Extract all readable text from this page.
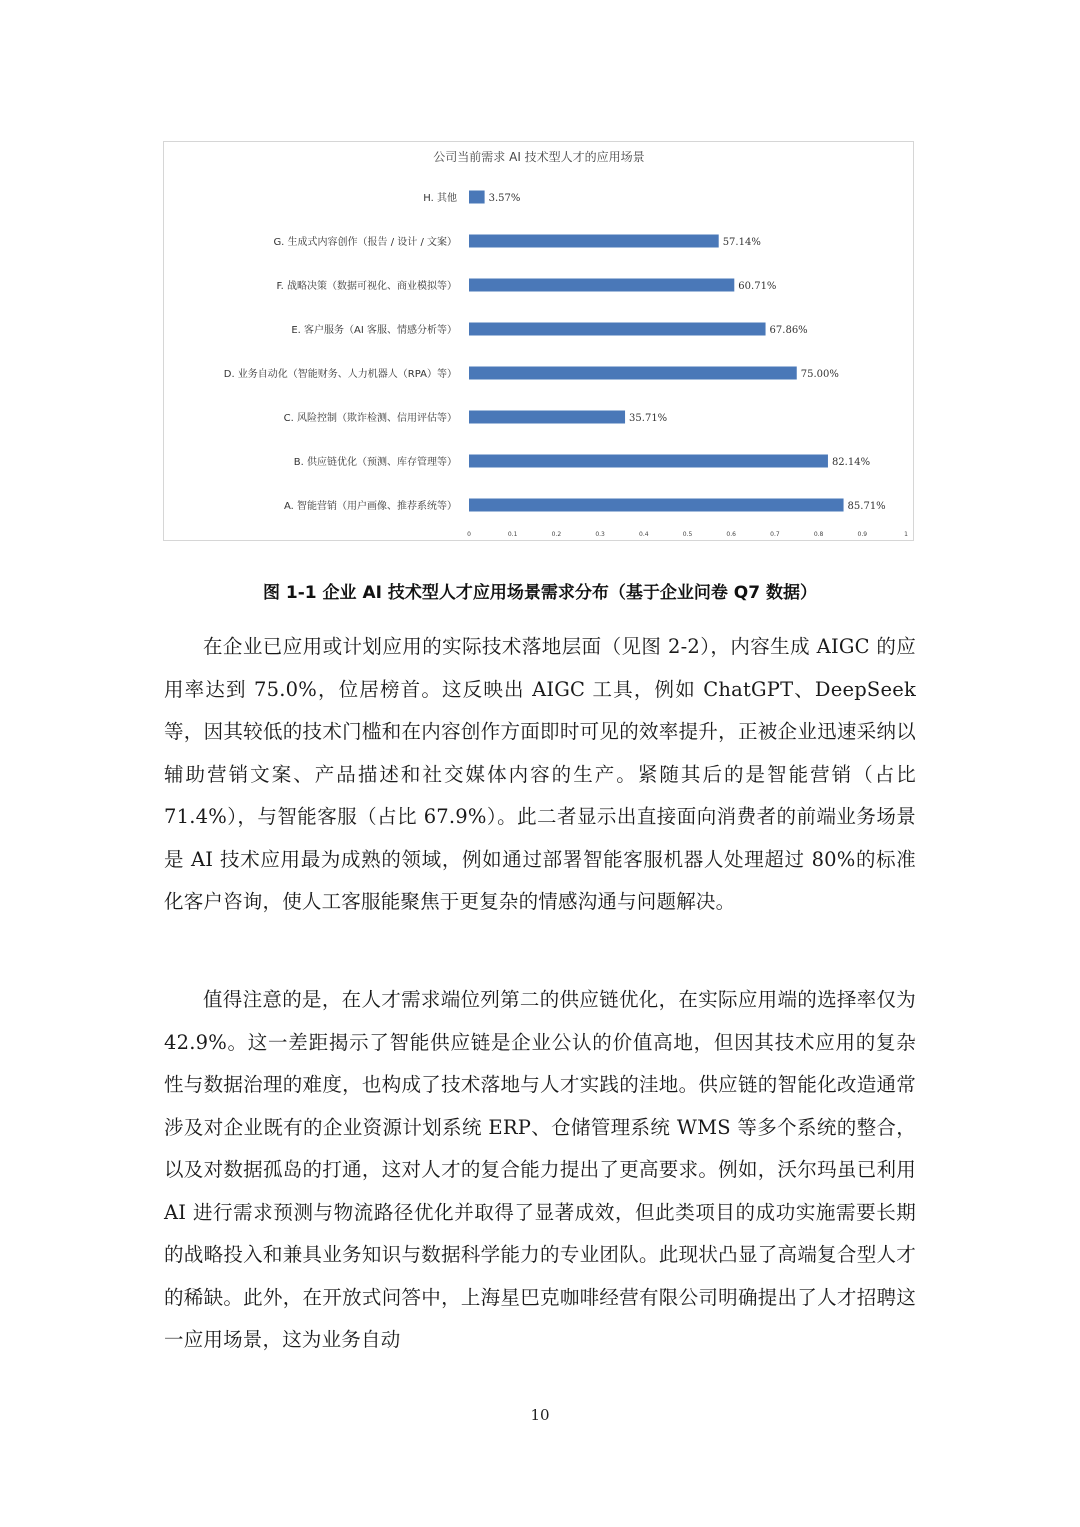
公司当前需求 AI 技术型人才的应用场景
H. 其他
G. 生成式内容创作（报告 / 设计 / 文案）
F. 战略决策（数据可视化、商业模拟等）
E. 客户服务（AI 客服、情感分析等）
D. 业务自动化（智能财务、人力机器人（RPA）等）
C. 风险控制（欺诈检测、信用评估等）
B. 供应链优化（预测、库存管理等）
A. 智能营销（用户画像、推荐系统等）
3.57%
57.14%
60.71%
67.86%
75.00%
35.71%
82.14%
85.71%
0	0.1	0.2	0.3	0.4	0.5	0.6	0.7	0.8	0.9	1
图 1-1 企业 AI 技术型人才应用场景需求分布（基于企业问卷 Q7 数据）

在企业已应用或计划应用的实际技术落地层面（见图 2-2），内容生成 AIGC 的应用率达到 75.0%，位居榜首。这反映出 AIGC 工具，例如 ChatGPT、DeepSeek 等，因其较低的技术门槛和在内容创作方面即时可见的效率提升，正被企业迅速采纳以辅助营销文案、产品描述和社交媒体内容的生产。紧随其后的是智能营销（占比 71.4%），与智能客服（占比 67.9%）。此二者显示出直接面向消费者的前端业务场景是 AI 技术应用最为成熟的领域，例如通过部署智能客服机器人处理超过 80%的标准化客户咨询，使人工客服能聚焦于更复杂的情感沟通与问题解决。

值得注意的是，在人才需求端位列第二的供应链优化，在实际应用端的选择率仅为 42.9%。这一差距揭示了智能供应链是企业公认的价值高地，但因其技术应用的复杂性与数据治理的难度，也构成了技术落地与人才实践的洼地。供应链的智能化改造通常涉及对企业既有的企业资源计划系统 ERP、仓储管理系统 WMS 等多个系统的整合，以及对数据孤岛的打通，这对人才的复合能力提出了更高要求。例如，沃尔玛虽已利用 AI 进行需求预测与物流路径优化并取得了显著成效，但此类项目的成功实施需要长期的战略投入和兼具业务知识与数据科学能力的专业团队。此现状凸显了高端复合型人才的稀缺。此外，在开放式问答中，上海星巴克咖啡经营有限公司明确提出了人才招聘这一应用场景，这为业务自动

10
